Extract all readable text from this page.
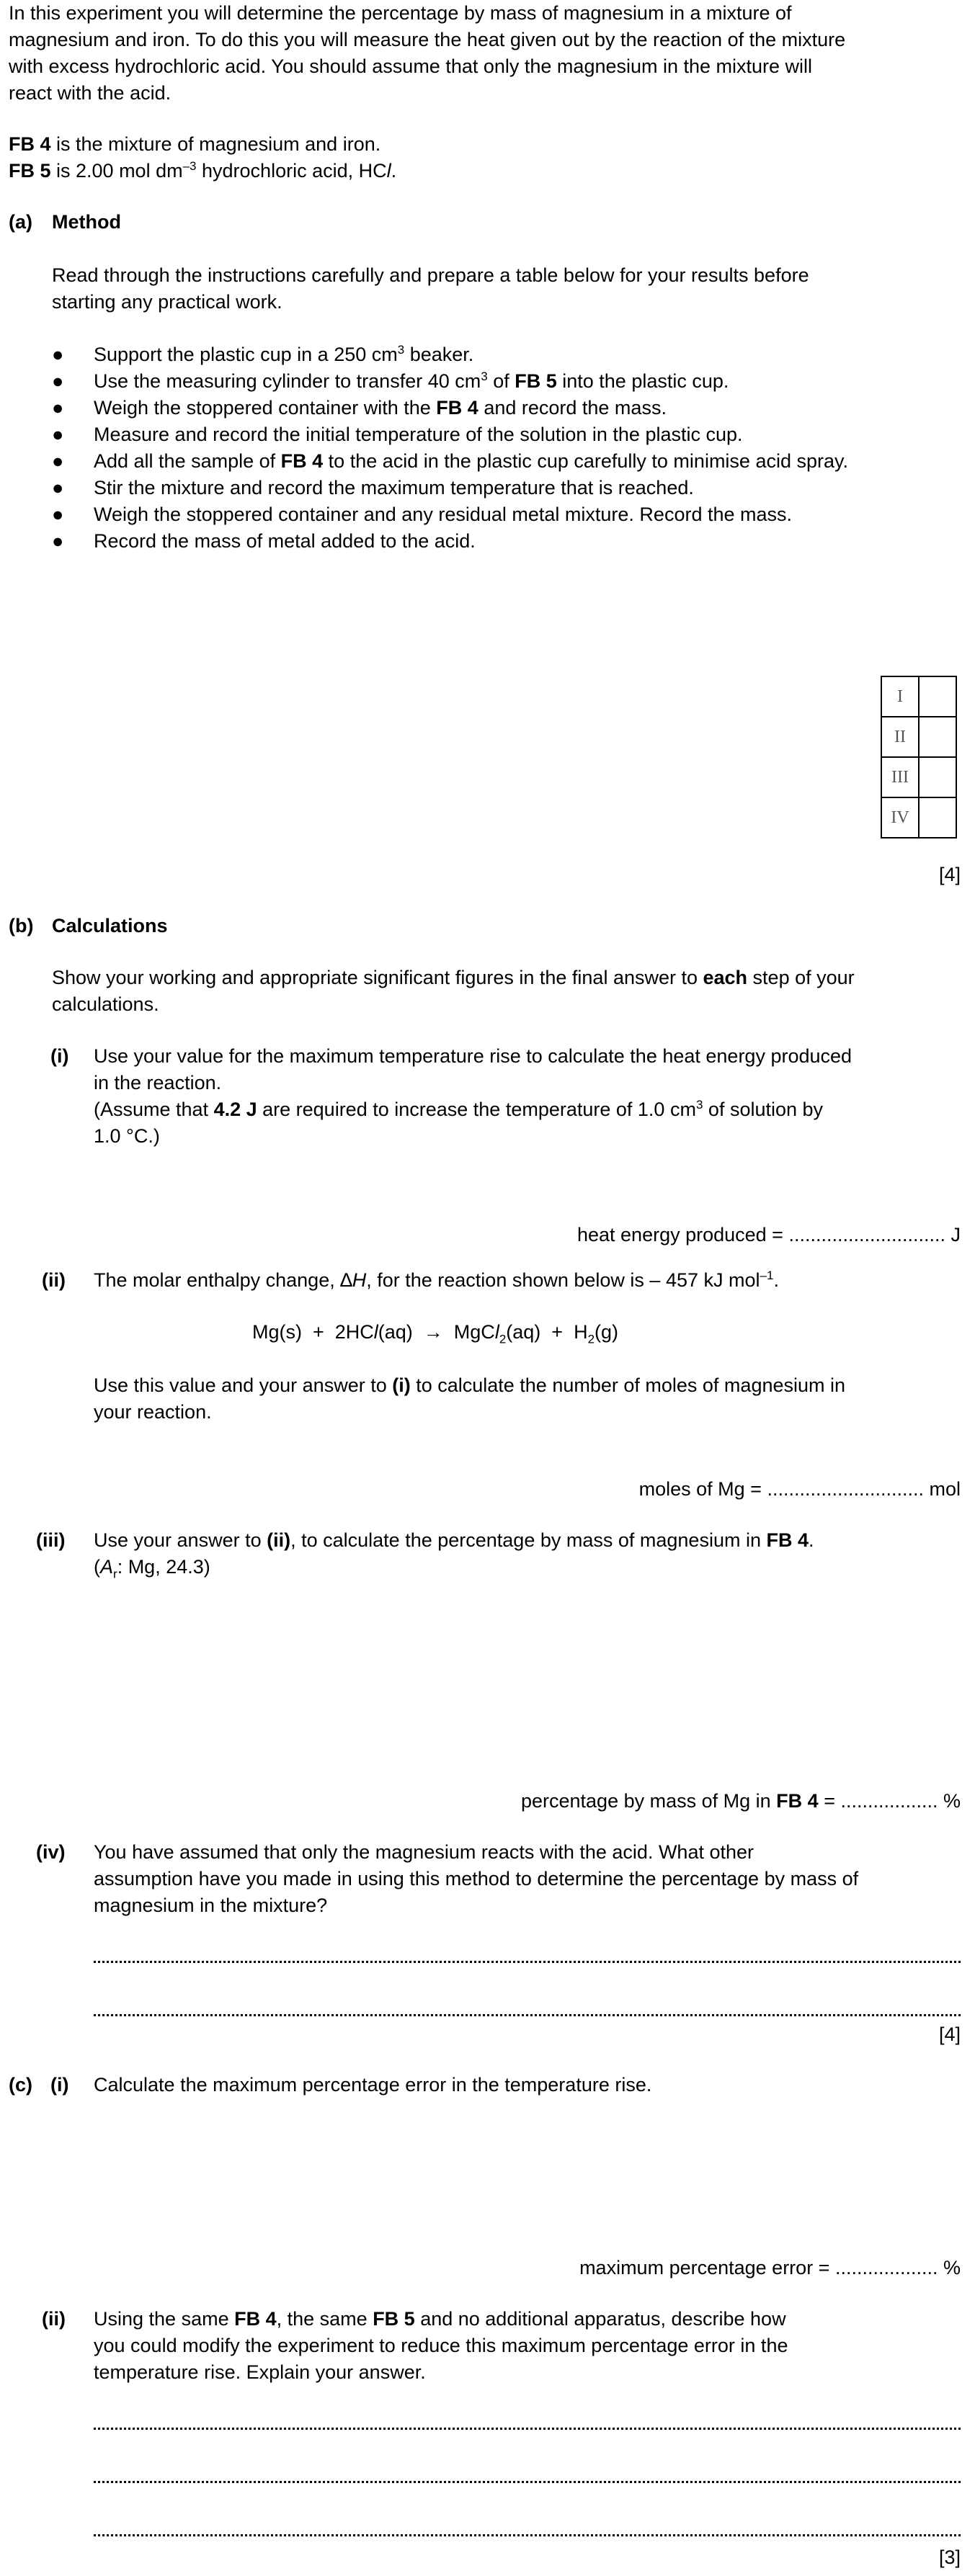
In this experiment you will determine the percentage by mass of magnesium in a mixture of
magnesium and iron. To do this you will measure the heat given out by the reaction of the mixture
with excess hydrochloric acid. You should assume that only the magnesium in the mixture will
react with the acid.
FB 4 is the mixture of magnesium and iron.
FB 5 is 2.00 mol $dm^{-3}$ hydrochloric acid, HCl.
(a) Method
Read through the instructions carefully and prepare a table below for your results before
starting any practical work.
● Support the plastic cup in a 250 $cm^3$ beaker.
● Use the measuring cylinder to transfer 40 $cm^3$ of FB 5 into the plastic cup.
● Weigh the stoppered container with the FB 4 and record the mass.
● Measure and record the initial temperature of the solution in the plastic cup.
● Add all the sample of FB 4 to the acid in the plastic cup carefully to minimise acid spray.
● Stir the mixture and record the maximum temperature that is reached.
● Weigh the stoppered container and any residual metal mixture. Record the mass.
● Record the mass of metal added to the acid.
I	
II	
III	
IV	
[4]
(b) Calculations
Show your working and appropriate significant figures in the final answer to each step of your
calculations.
(i) Use your value for the maximum temperature rise to calculate the heat energy produced
in the reaction.
(Assume that 4.2 J are required to increase the temperature of 1.0 $cm^3$ of solution by
1.0 °C.)
heat energy produced = ............................. J
(ii) The molar enthalpy change, ∆H, for the reaction shown below is – 457 kJ mol$^{-1}$.
Mg(s)  +  2HCl(aq)  →  MgCl$_2$(aq)  +  $H_2(g)$
Use this value and your answer to (i) to calculate the number of moles of magnesium in
your reaction.
moles of Mg = ............................. mol
(iii) Use your answer to (ii), to calculate the percentage by mass of magnesium in FB 4.
($A_r$: Mg, 24.3)
percentage by mass of Mg in FB 4 = .................. %
(iv) You have assumed that only the magnesium reacts with the acid. What other
assumption have you made in using this method to determine the percentage by mass of
magnesium in the mixture?
[4]
(c) (i) Calculate the maximum percentage error in the temperature rise.
maximum percentage error = ................... %
(ii) Using the same FB 4, the same FB 5 and no additional apparatus, describe how
you could modify the experiment to reduce this maximum percentage error in the
temperature rise. Explain your answer.
[3]
